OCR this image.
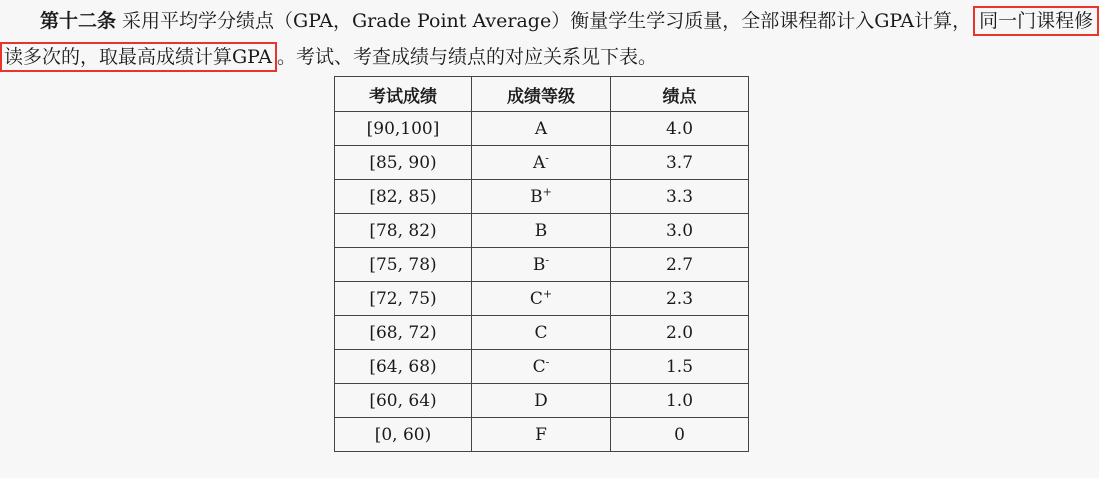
第十二条 采用平均学分绩点（GPA，Grade Point Average）衡量学生学习质量，全部课程都计入GPA计算， 同一门课程修
读多次的，取最高成绩计算GPA 。考试、考查成绩与绩点的对应关系见下表。
考试成绩	成绩等级	绩点
[90,100]	A	4.0
[85, 90)	A-	3.7
[82, 85)	B+	3.3
[78, 82)	B	3.0
[75, 78)	B-	2.7
[72, 75)	C+	2.3
[68, 72)	C	2.0
[64, 68)	C-	1.5
[60, 64)	D	1.0
[0, 60)	F	0
